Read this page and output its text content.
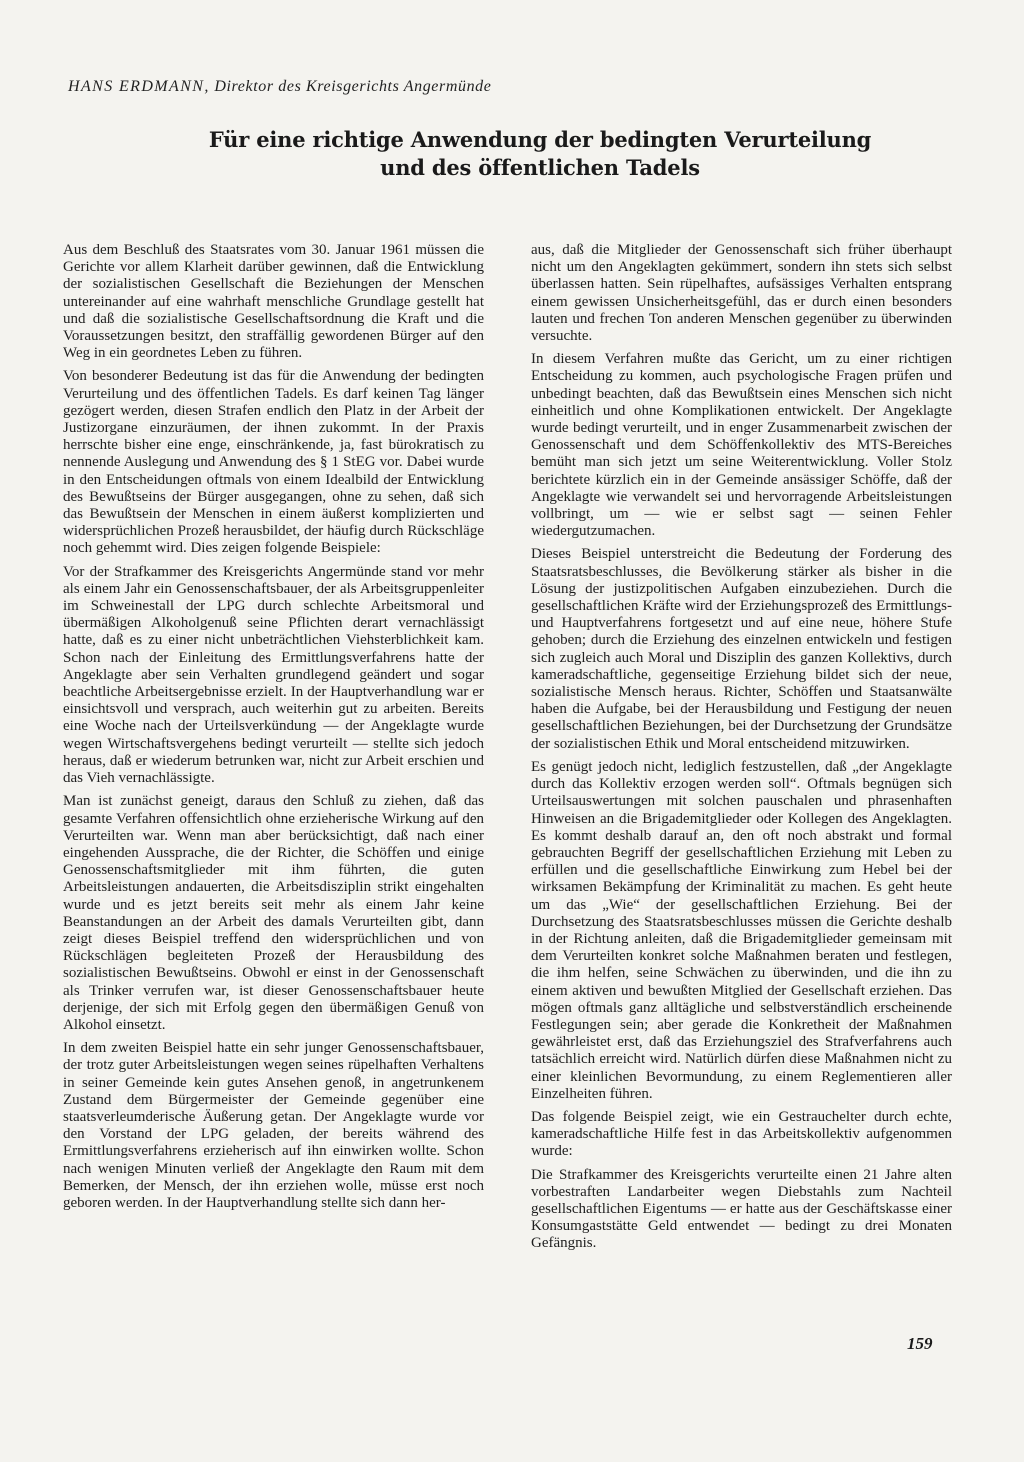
HANS ERDMANN, Direktor des Kreisgerichts Angermünde
Für eine richtige Anwendung der bedingten Verurteilung
und des öffentlichen Tadels

Aus dem Beschluß des Staatsrates vom 30. Januar 1961 müssen die Gerichte vor allem Klarheit darüber gewinnen, daß die Entwicklung der sozialistischen Gesellschaft die Beziehungen der Menschen untereinander auf eine wahrhaft menschliche Grundlage gestellt hat und daß die sozialistische Gesellschaftsordnung die Kraft und die Voraussetzungen besitzt, den straffällig gewordenen Bürger auf den Weg in ein geordnetes Leben zu führen.

Von besonderer Bedeutung ist das für die Anwendung der bedingten Verurteilung und des öffentlichen Tadels. Es darf keinen Tag länger gezögert werden, diesen Strafen endlich den Platz in der Arbeit der Justizorgane einzuräumen, der ihnen zukommt. In der Praxis herrschte bisher eine enge, einschränkende, ja, fast bürokratisch zu nennende Auslegung und Anwendung des § 1 StEG vor. Dabei wurde in den Entscheidungen oftmals von einem Idealbild der Entwicklung des Bewußtseins der Bürger ausgegangen, ohne zu sehen, daß sich das Bewußtsein der Menschen in einem äußerst komplizierten und widersprüchlichen Prozeß herausbildet, der häufig durch Rückschläge noch gehemmt wird. Dies zeigen folgende Beispiele:

Vor der Strafkammer des Kreisgerichts Angermünde stand vor mehr als einem Jahr ein Genossenschaftsbauer, der als Arbeitsgruppenleiter im Schweinestall der LPG durch schlechte Arbeitsmoral und übermäßigen Alkoholgenuß seine Pflichten derart vernachlässigt hatte, daß es zu einer nicht unbeträchtlichen Viehsterblichkeit kam. Schon nach der Einleitung des Ermittlungsverfahrens hatte der Angeklagte aber sein Verhalten grundlegend geändert und sogar beachtliche Arbeitsergebnisse erzielt. In der Hauptverhandlung war er einsichtsvoll und versprach, auch weiterhin gut zu arbeiten. Bereits eine Woche nach der Urteilsverkündung — der Angeklagte wurde wegen Wirtschaftsvergehens bedingt verurteilt — stellte sich jedoch heraus, daß er wiederum betrunken war, nicht zur Arbeit erschien und das Vieh vernachlässigte.

Man ist zunächst geneigt, daraus den Schluß zu ziehen, daß das gesamte Verfahren offensichtlich ohne erzieherische Wirkung auf den Verurteilten war. Wenn man aber berücksichtigt, daß nach einer eingehenden Aussprache, die der Richter, die Schöffen und einige Genossenschaftsmitglieder mit ihm führten, die guten Arbeitsleistungen andauerten, die Arbeitsdisziplin strikt eingehalten wurde und es jetzt bereits seit mehr als einem Jahr keine Beanstandungen an der Arbeit des damals Verurteilten gibt, dann zeigt dieses Beispiel treffend den widersprüchlichen und von Rückschlägen begleiteten Prozeß der Herausbildung des sozialistischen Bewußtseins. Obwohl er einst in der Genossenschaft als Trinker verrufen war, ist dieser Genossenschaftsbauer heute derjenige, der sich mit Erfolg gegen den übermäßigen Genuß von Alkohol einsetzt.

In dem zweiten Beispiel hatte ein sehr junger Genossenschaftsbauer, der trotz guter Arbeitsleistungen wegen seines rüpelhaften Verhaltens in seiner Gemeinde kein gutes Ansehen genoß, in angetrunkenem Zustand dem Bürgermeister der Gemeinde gegenüber eine staatsverleumderische Äußerung getan. Der Angeklagte wurde vor den Vorstand der LPG geladen, der bereits während des Ermittlungsverfahrens erzieherisch auf ihn einwirken wollte. Schon nach wenigen Minuten verließ der Angeklagte den Raum mit dem Bemerken, der Mensch, der ihn erziehen wolle, müsse erst noch geboren werden. In der Hauptverhandlung stellte sich dann her-

aus, daß die Mitglieder der Genossenschaft sich früher überhaupt nicht um den Angeklagten gekümmert, sondern ihn stets sich selbst überlassen hatten. Sein rüpelhaftes, aufsässiges Verhalten entsprang einem gewissen Unsicherheitsgefühl, das er durch einen besonders lauten und frechen Ton anderen Menschen gegenüber zu überwinden versuchte.

In diesem Verfahren mußte das Gericht, um zu einer richtigen Entscheidung zu kommen, auch psychologische Fragen prüfen und unbedingt beachten, daß das Bewußtsein eines Menschen sich nicht einheitlich und ohne Komplikationen entwickelt. Der Angeklagte wurde bedingt verurteilt, und in enger Zusammenarbeit zwischen der Genossenschaft und dem Schöffenkollektiv des MTS-Bereiches bemüht man sich jetzt um seine Weiterentwicklung. Voller Stolz berichtete kürzlich ein in der Gemeinde ansässiger Schöffe, daß der Angeklagte wie verwandelt sei und hervorragende Arbeitsleistungen vollbringt, um — wie er selbst sagt — seinen Fehler wiedergutzumachen.

Dieses Beispiel unterstreicht die Bedeutung der Forderung des Staatsratsbeschlusses, die Bevölkerung stärker als bisher in die Lösung der justizpolitischen Aufgaben einzubeziehen. Durch die gesellschaftlichen Kräfte wird der Erziehungsprozeß des Ermittlungs- und Hauptverfahrens fortgesetzt und auf eine neue, höhere Stufe gehoben; durch die Erziehung des einzelnen entwickeln und festigen sich zugleich auch Moral und Disziplin des ganzen Kollektivs, durch kameradschaftliche, gegenseitige Erziehung bildet sich der neue, sozialistische Mensch heraus. Richter, Schöffen und Staatsanwälte haben die Aufgabe, bei der Herausbildung und Festigung der neuen gesellschaftlichen Beziehungen, bei der Durchsetzung der Grundsätze der sozialistischen Ethik und Moral entscheidend mitzuwirken.

Es genügt jedoch nicht, lediglich festzustellen, daß „der Angeklagte durch das Kollektiv erzogen werden soll“. Oftmals begnügen sich Urteilsauswertungen mit solchen pauschalen und phrasenhaften Hinweisen an die Brigademitglieder oder Kollegen des Angeklagten. Es kommt deshalb darauf an, den oft noch abstrakt und formal gebrauchten Begriff der gesellschaftlichen Erziehung mit Leben zu erfüllen und die gesellschaftliche Einwirkung zum Hebel bei der wirksamen Bekämpfung der Kriminalität zu machen. Es geht heute um das „Wie“ der gesellschaftlichen Erziehung. Bei der Durchsetzung des Staatsratsbeschlusses müssen die Gerichte deshalb in der Richtung anleiten, daß die Brigademitglieder gemeinsam mit dem Verurteilten konkret solche Maßnahmen beraten und festlegen, die ihm helfen, seine Schwächen zu überwinden, und die ihn zu einem aktiven und bewußten Mitglied der Gesellschaft erziehen. Das mögen oftmals ganz alltägliche und selbstverständlich erscheinende Festlegungen sein; aber gerade die Konkretheit der Maßnahmen gewährleistet erst, daß das Erziehungsziel des Strafverfahrens auch tatsächlich erreicht wird. Natürlich dürfen diese Maßnahmen nicht zu einer kleinlichen Bevormundung, zu einem Reglementieren aller Einzelheiten führen.

Das folgende Beispiel zeigt, wie ein Gestrauchelter durch echte, kameradschaftliche Hilfe fest in das Arbeitskollektiv aufgenommen wurde:

Die Strafkammer des Kreisgerichts verurteilte einen 21 Jahre alten vorbestraften Landarbeiter wegen Diebstahls zum Nachteil gesellschaftlichen Eigentums — er hatte aus der Geschäftskasse einer Konsumgaststätte Geld entwendet — bedingt zu drei Monaten Gefängnis.

159
